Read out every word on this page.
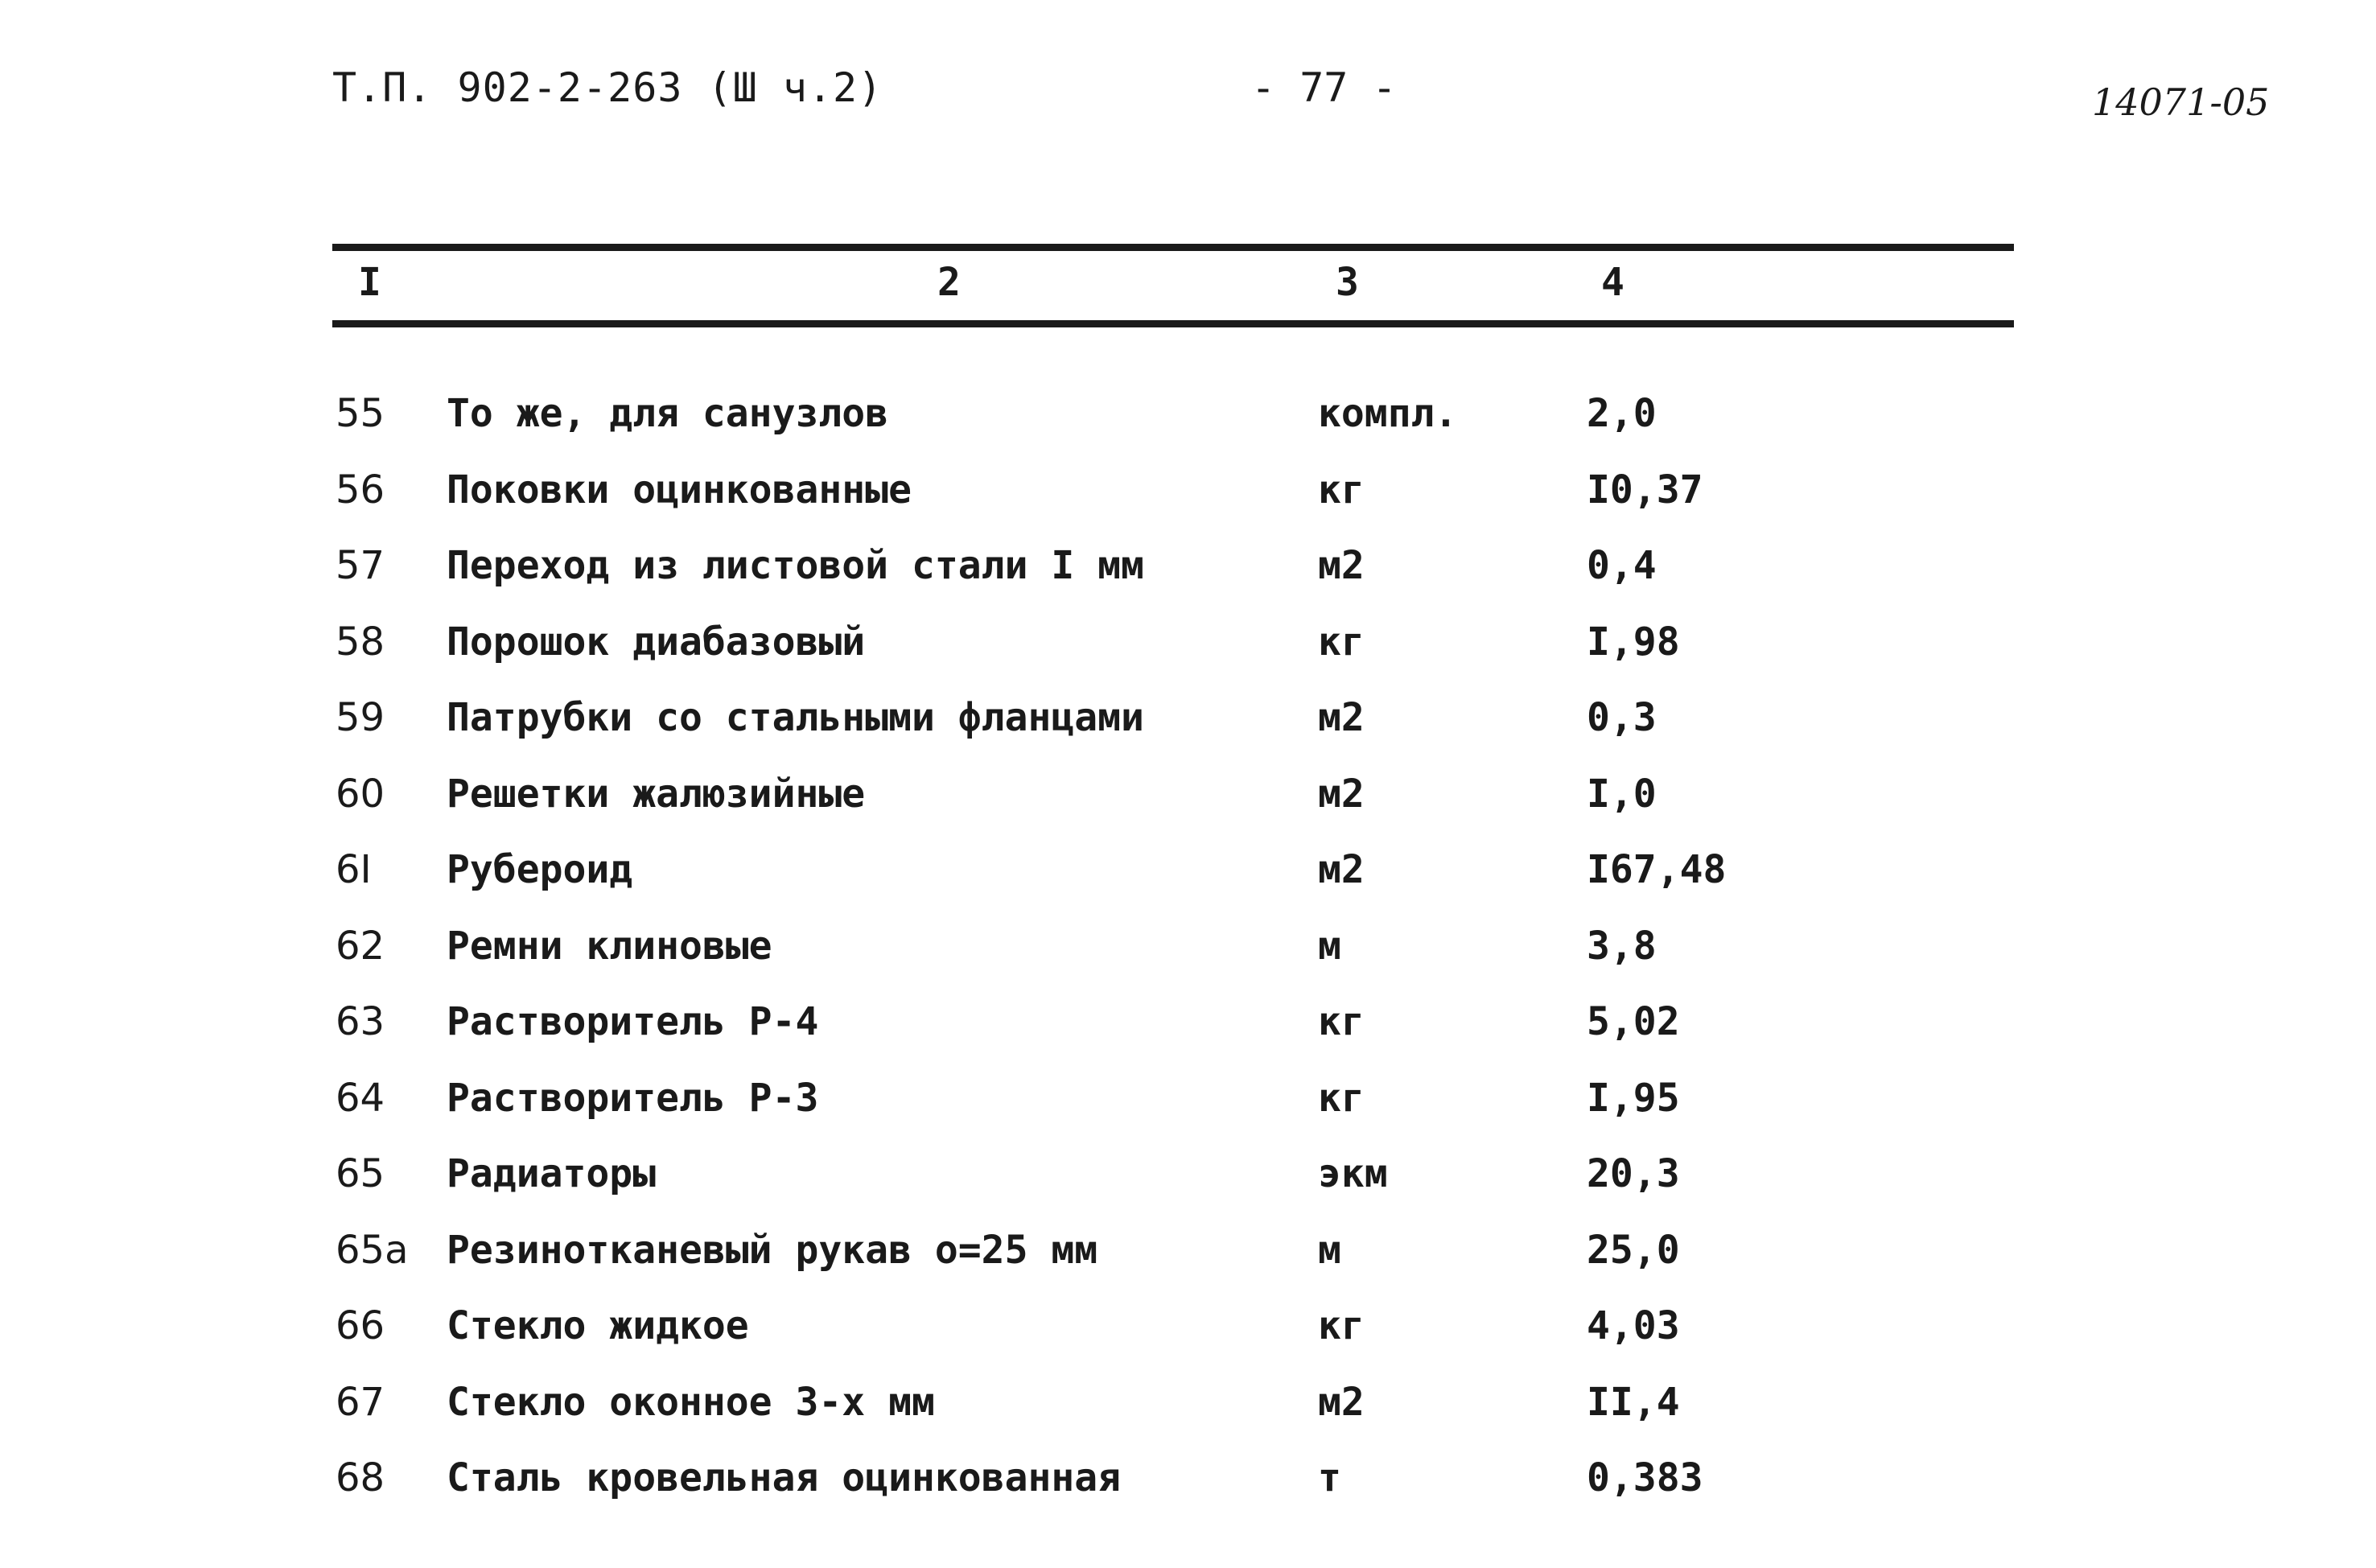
Т.П. 902-2-263 (Ш ч.2)	- 77 -	14071-05
I	2	3	4
55 То же, для санузлов	компл.	2,0
56 Поковки оцинкованные	кг	I0,37
57 Переход из листовой стали I мм	м2	0,4
58 Порошок диабазовый	кг	I,98
59 Патрубки со стальными фланцами	м2	0,3
60 Решетки жалюзийные	м2	I,0
6I Рубероид	м2	I67,48
62 Ремни клиновые	м	3,8
63 Растворитель Р-4	кг	5,02
64 Растворитель Р-3	кг	I,95
65 Радиаторы	экм	20,3
65а Резинотканевый рукав о=25 мм	м	25,0
66 Стекло жидкое	кг	4,03
67 Стекло оконное 3-х мм	м2	II,4
68 Сталь кровельная оцинкованная	т	0,383
